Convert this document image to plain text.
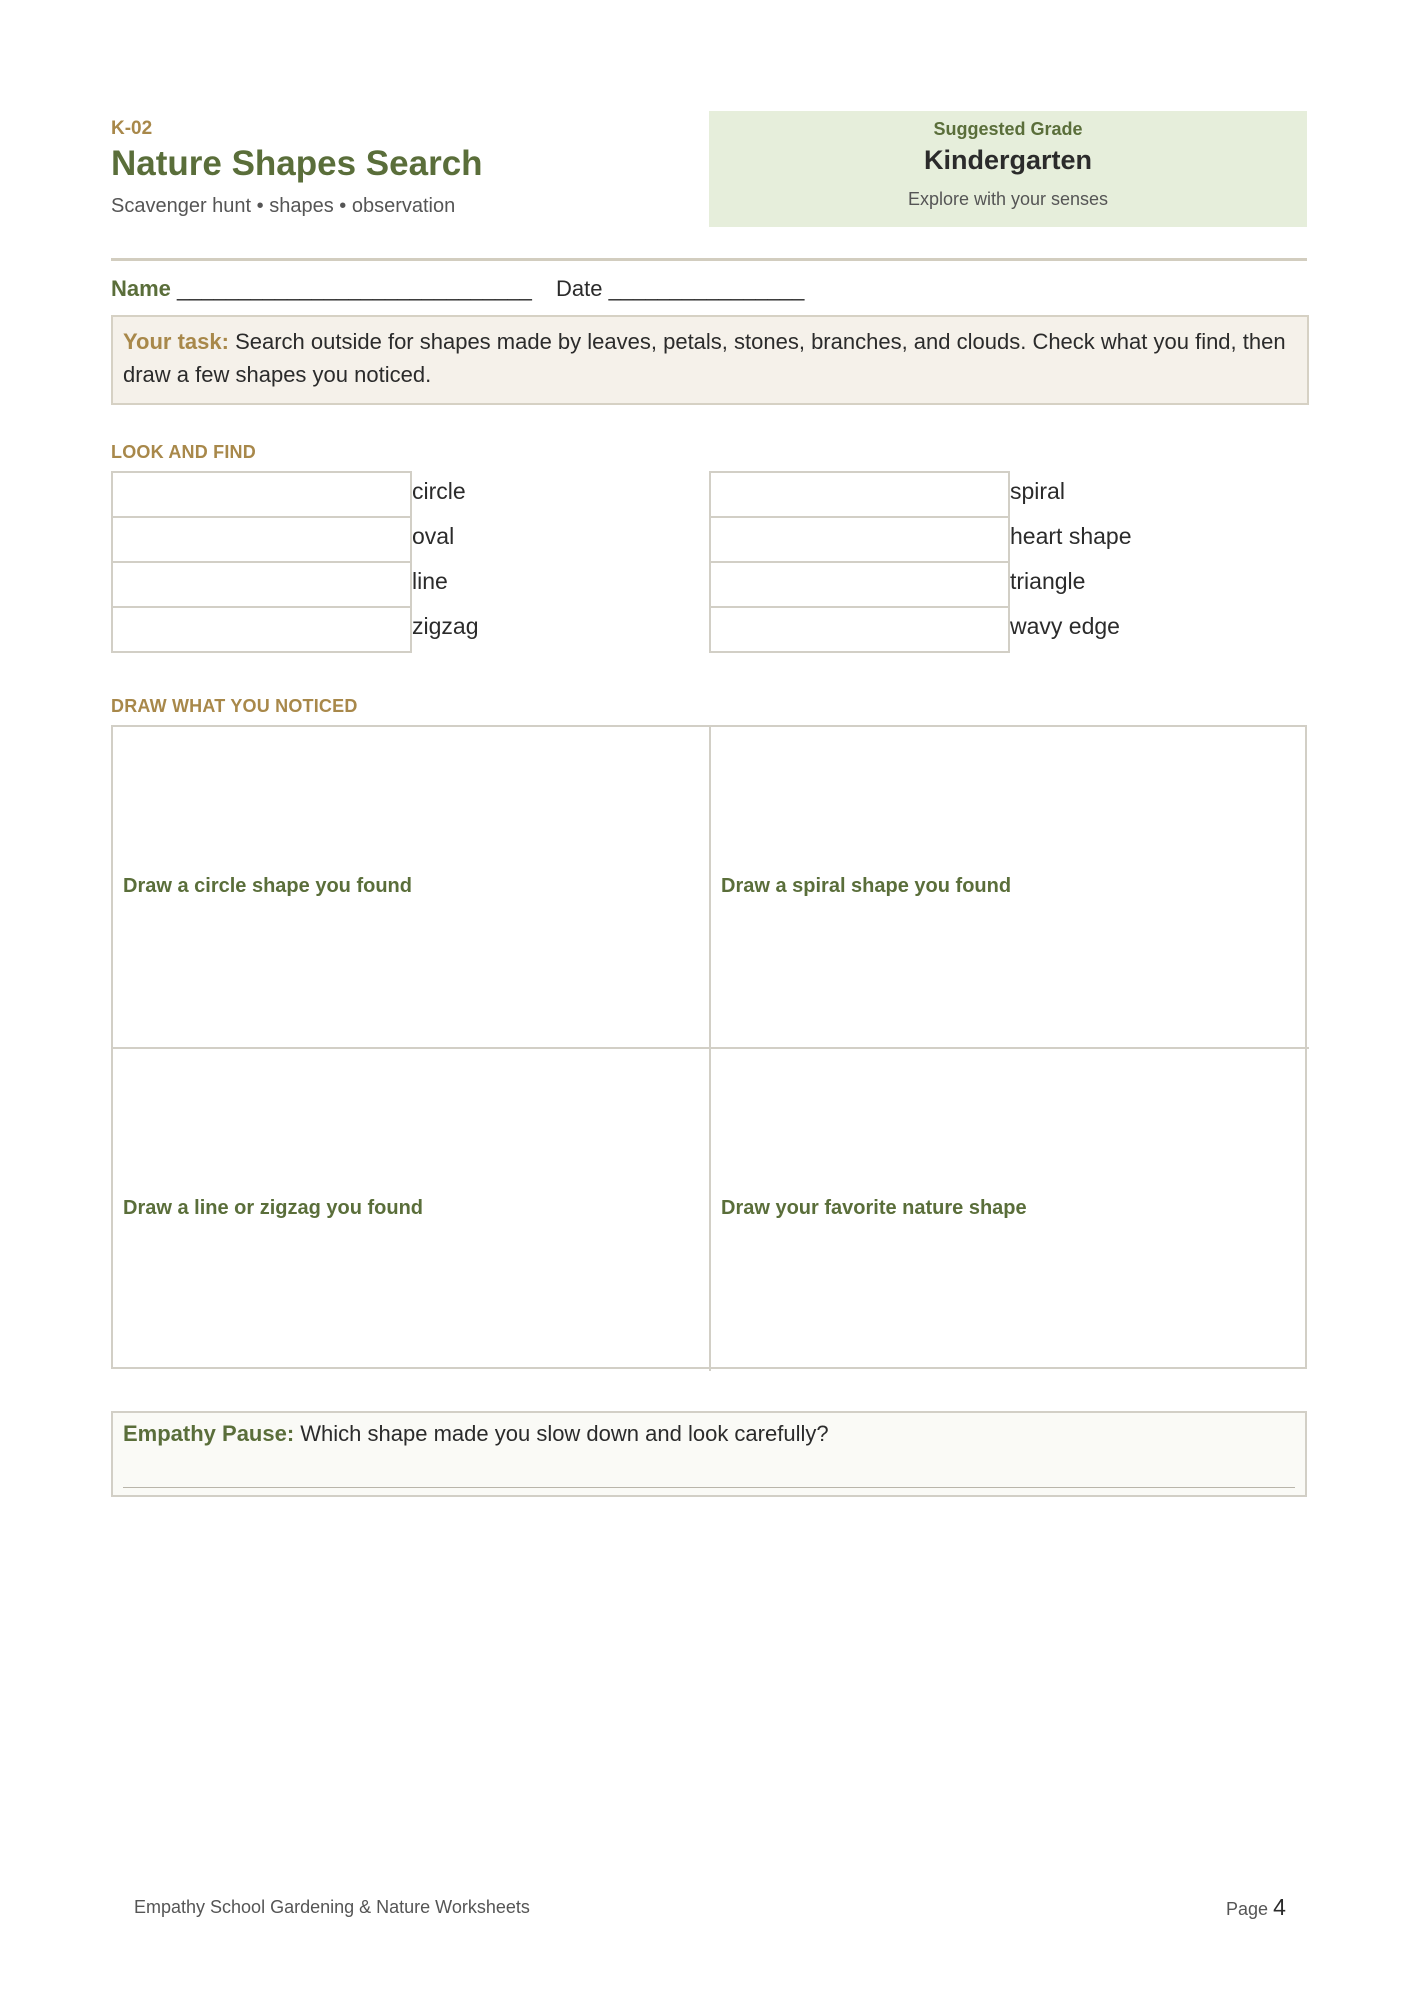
K-02
Nature Shapes Search
Scavenger hunt • shapes • observation
Suggested Grade
Kindergarten
Explore with your senses
Name _____________________________ Date ________________
Your task: Search outside for shapes made by leaves, petals, stones, branches, and clouds. Check what you find, then draw a few shapes you noticed.
LOOK AND FIND
circle
oval
line
zigzag
spiral
heart shape
triangle
wavy edge
DRAW WHAT YOU NOTICED
Draw a circle shape you found	Draw a spiral shape you found
Draw a line or zigzag you found	Draw your favorite nature shape
Empathy Pause: Which shape made you slow down and look carefully?
Empathy School Gardening & Nature Worksheets	Page 4
